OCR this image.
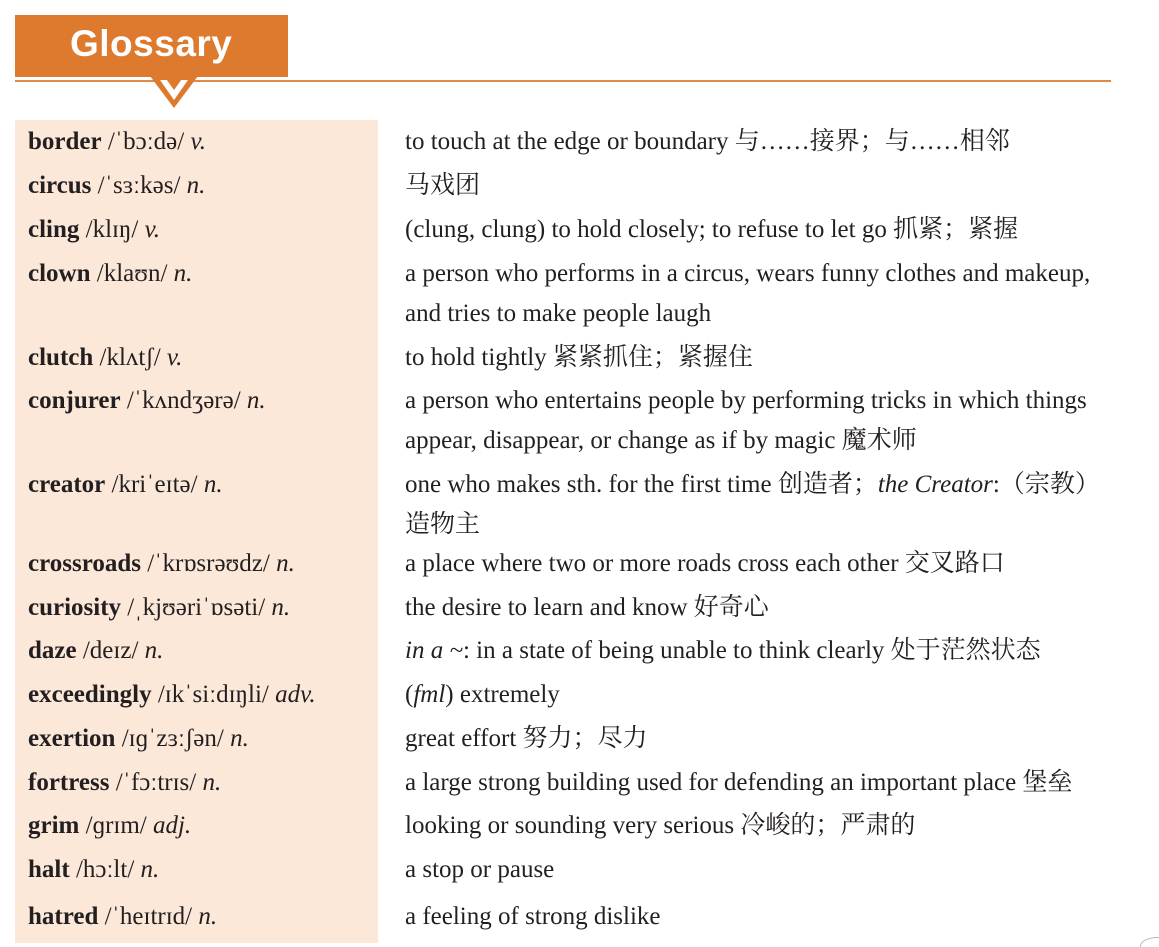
Glossary
border /ˈbɔːdə/ v.	to touch at the edge or boundary 与……接界；与……相邻
circus /ˈsɜːkəs/ n.	马戏团
cling /klɪŋ/ v.	(clung, clung) to hold closely; to refuse to let go 抓紧；紧握
clown /klaʊn/ n.	a person who performs in a circus, wears funny clothes and makeup, and tries to make people laugh
clutch /klʌtʃ/ v.	to hold tightly 紧紧抓住；紧握住
conjurer /ˈkʌndʒərə/ n.	a person who entertains people by performing tricks in which things appear, disappear, or change as if by magic 魔术师
creator /kriˈeɪtə/ n.	one who makes sth. for the first time 创造者；the Creator:（宗教）造物主
crossroads /ˈkrɒsrəʊdz/ n.	a place where two or more roads cross each other 交叉路口
curiosity /ˌkjʊəriˈɒsəti/ n.	the desire to learn and know 好奇心
daze /deɪz/ n.	in a ~: in a state of being unable to think clearly 处于茫然状态
exceedingly /ɪkˈsiːdɪŋli/ adv.	(fml) extremely
exertion /ɪɡˈzɜːʃən/ n.	great effort 努力；尽力
fortress /ˈfɔːtrɪs/ n.	a large strong building used for defending an important place 堡垒
grim /ɡrɪm/ adj.	looking or sounding very serious 冷峻的；严肃的
halt /hɔːlt/ n.	a stop or pause
hatred /ˈheɪtrɪd/ n.	a feeling of strong dislike
